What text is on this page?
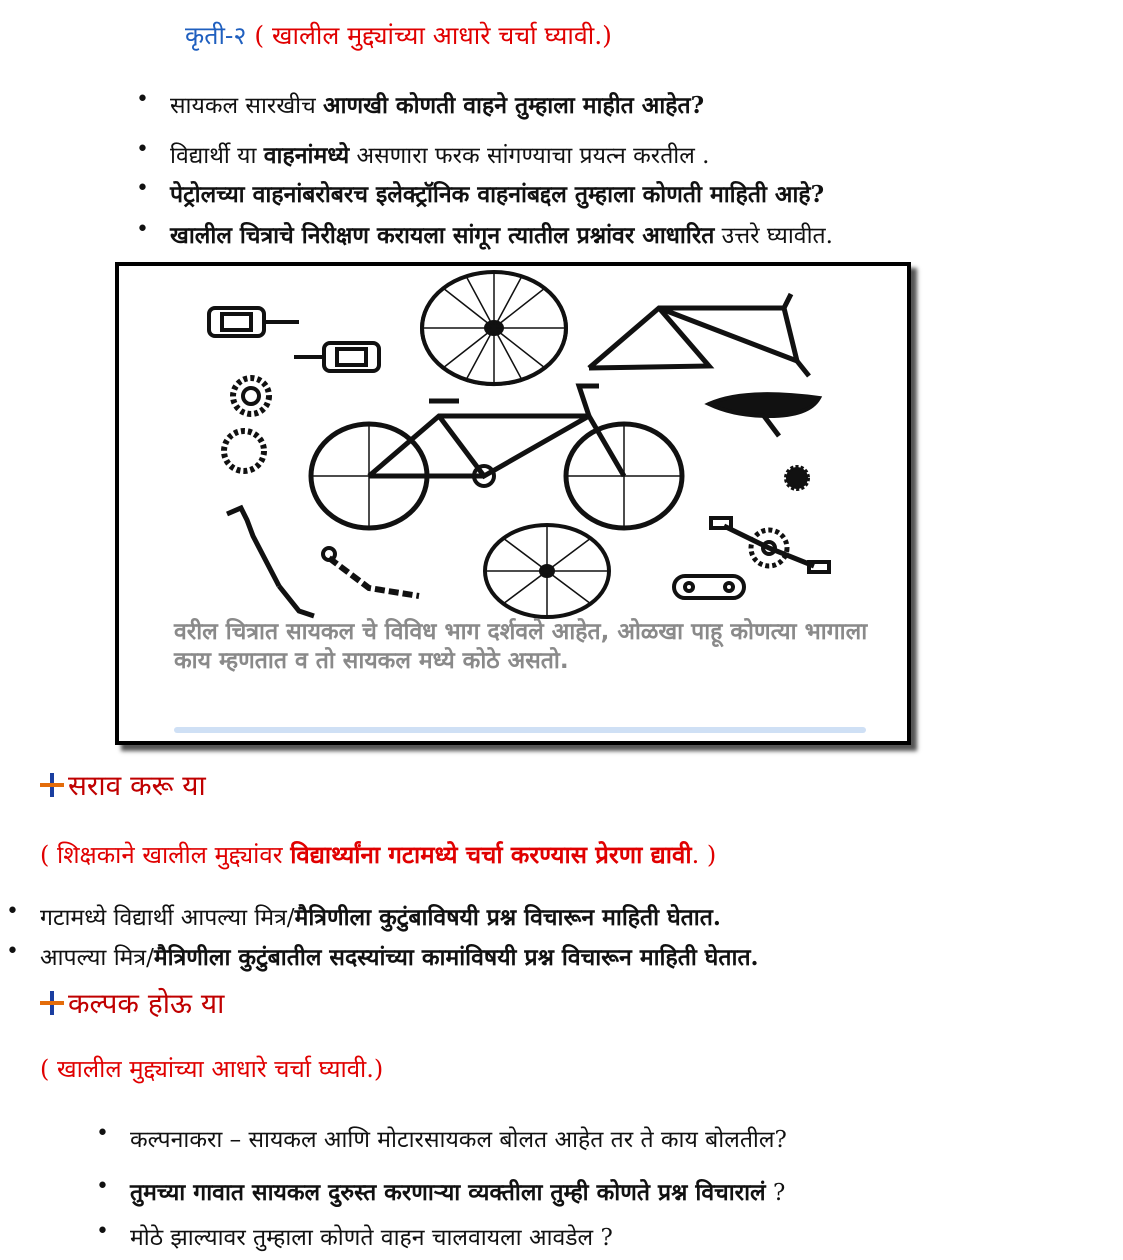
कृती-२ ( खालील मुद्द्यांच्या आधारे चर्चा घ्यावी.)
• सायकल सारखीच आणखी कोणती वाहने तुम्हाला माहीत आहेत?
• विद्यार्थी या वाहनांमध्ये असणारा फरक सांगण्याचा प्रयत्न करतील .
• पेट्रोलच्या वाहनांबरोबरच इलेक्ट्रॉनिक वाहनांबद्दल तुम्हाला कोणती माहिती आहे?
• खालील चित्राचे निरीक्षण करायला सांगून त्यातील प्रश्नांवर आधारित उत्तरे घ्यावीत.
वरील चित्रात सायकल चे विविध भाग दर्शवले आहेत, ओळखा पाहू कोणत्या भागाला काय म्हणतात व तो सायकल मध्ये कोठे असतो.
सराव करू या
( शिक्षकाने खालील मुद्द्यांवर विद्यार्थ्यांना गटामध्ये चर्चा करण्यास प्रेरणा द्यावी. )
• गटामध्ये विद्यार्थी आपल्या मित्र/मैत्रिणीला कुटुंबाविषयी प्रश्न विचारून माहिती घेतात.
• आपल्या मित्र/मैत्रिणीला कुटुंबातील सदस्यांच्या कामांविषयी प्रश्न विचारून माहिती घेतात.
कल्पक होऊ या
( खालील मुद्द्यांच्या आधारे चर्चा घ्यावी.)
• कल्पनाकरा – सायकल आणि मोटारसायकल बोलत आहेत तर ते काय बोलतील?
• तुमच्या गावात सायकल दुरुस्त करणाऱ्या व्यक्तीला तुम्ही कोणते प्रश्न विचारालं ?
• मोठे झाल्यावर तुम्हाला कोणते वाहन चालवायला आवडेल ?
